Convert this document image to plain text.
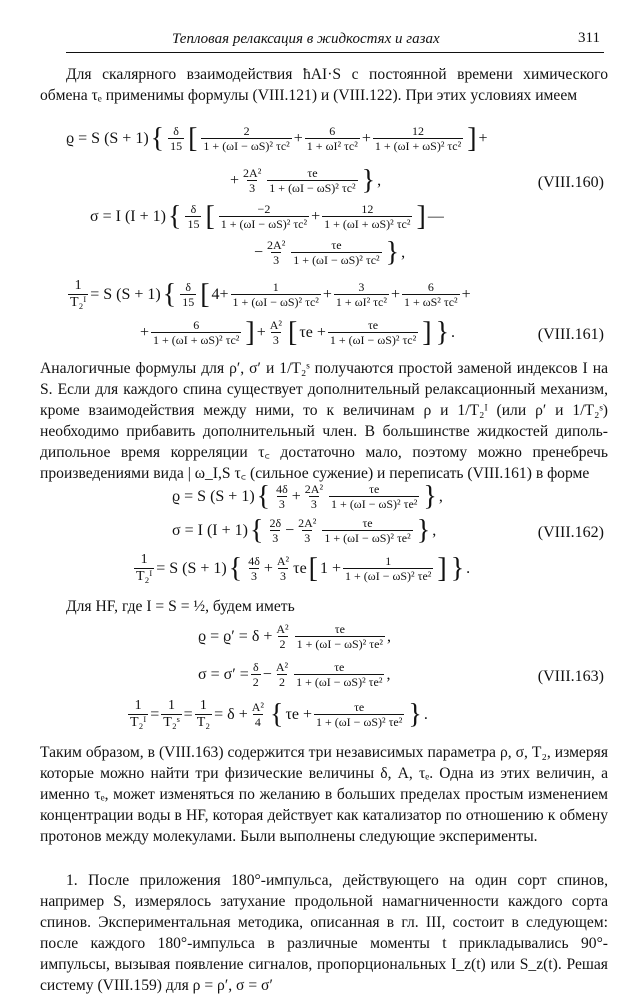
Тепловая релаксация в жидкостях и газах	311

Для скалярного взаимодействия ħAI·S с постоянной времени химического обмена τₑ применимы формулы (VIII.121) и (VIII.122). При этих условиях имеем

ϱ = S (S + 1) { $\frac{\delta}{15}$ [ $\frac{2}{\text{1 + (ωI − ωS)² τc²}} + \frac{6}{\text{1 + ωI² τc²}} + \frac{12}{\text{1 + (ωI + ωS)² τc²}}$ ] +
+ $\frac{\text{2A²}}{3} \frac{\tau e}{\text{1 + (ωI − ωS)² τc²}}$ } ,	(VIII.160)
σ = I (I + 1) { $\frac{\delta}{15}$ [ $\frac{-2}{\text{1 + (ωI − ωS)² τc²}} + \frac{12}{\text{1 + (ωI + ωS)² τc²}}$ ] —
− $\frac{\text{2A²}}{3} \frac{\tau e}{\text{1 + (ωI − ωS)² τc²}}$ } ,
$\frac{1}{\text{T₂ᴵ}} = S$ (S + 1) { $\frac{\delta}{15}$ [ $4 + \frac{1}{\text{1 + (ωI − ωS)² τc²}} + \frac{3}{\text{1 + ωI² τc²}} + \frac{6}{\text{1 + ωS² τc²}}$ +
+ $\frac{6}{\text{1 + (ωI + ωS)² τc²}}$ ] + $\frac{\text{A²}}{3}$ [ $\tau e + \frac{\tau e}{\text{1 + (ωI − ωS)² τc²}}$ ] } .	(VIII.161)

Аналогичные формулы для ρ′, σ′ и 1/T₂ˢ получаются простой заменой индексов I на S. Если для каждого спина существует дополнительный релаксационный механизм, кроме взаимодействия между ними, то к величинам ρ и 1/T₂ᴵ (или ρ′ и 1/T₂ˢ) необходимо прибавить дополнительный член. В большинстве жидкостей диполь-дипольное время корреляции τ꜀ достаточно мало, поэтому можно пренебречь произведениями вида | ω_I,S τ꜀ (сильное сужение) и переписать (VIII.161) в форме

ϱ = S (S + 1) { $\frac{4\delta}{3} + \frac{\text{2A²}}{3} \frac{\tau e}{\text{1 + (ωI − ωS)² τe²}}$ } ,
σ = I (I + 1) { $\frac{2\delta}{3} - \frac{\text{2A²}}{3} \frac{\tau e}{\text{1 + (ωI − ωS)² τe²}}$ } ,	(VIII.162)
$\frac{1}{\text{T₂ᴵ}} = S$ (S + 1) { $\frac{4\delta}{3} + \frac{\text{A²}}{3}$ τe [ $1 + \frac{1}{\text{1 + (ωI − ωS)² τe²}}$ ] } .

Для HF, где I = S = ½, будем иметь

$ϱ = ϱ' = \delta + \frac{\text{A²}}{2} \frac{\tau e}{\text{1 + (ωI − ωS)² τe²}}$ ,
$\sigma = \sigma' = \frac{\delta}{2} - \frac{\text{A²}}{2} \frac{\tau e}{\text{1 + (ωI − ωS)² τe²}}$ ,	(VIII.163)
$\frac{1}{\text{T₂ᴵ}} = \frac{1}{\text{T₂ˢ}} = \frac{1}{\text{T₂}} = \delta + \frac{\text{A²}}{4}$ { $\tau e + \frac{\tau e}{\text{1 + (ωI − ωS)² τe²}}$ } .

Таким образом, в (VIII.163) содержится три независимых параметра ρ, σ, T₂, измеряя которые можно найти три физические величины δ, A, τₑ. Одна из этих величин, а именно τₑ, может изменяться по желанию в больших пределах простым изменением концентрации воды в HF, которая действует как катализатор по отношению к обмену протонов между молекулами. Были выполнены следующие эксперименты.

1. После приложения 180°-импульса, действующего на один сорт спинов, например S, измерялось затухание продольной намагниченности каждого сорта спинов. Экспериментальная методика, описанная в гл. III, состоит в следующем: после каждого 180°-импульса в различные моменты t прикладывались 90°-импульсы, вызывая появление сигналов, пропорциональных I_z(t) или S_z(t). Решая систему (VIII.159) для ρ = ρ′, σ = σ′
